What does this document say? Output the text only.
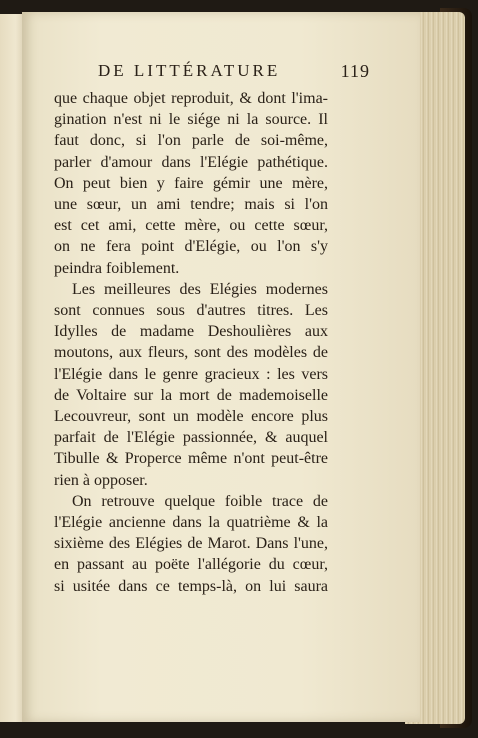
DE LITTÉRATURE	119

que chaque objet reproduit, & dont l'ima-
gination n'est ni le siége ni la source. Il
faut donc, si l'on parle de soi-même,
parler d'amour dans l'Elégie pathétique.
On peut bien y faire gémir une mère,
une sœur, un ami tendre; mais si l'on
est cet ami, cette mère, ou cette sœur,
on ne fera point d'Elégie, ou l'on s'y
peindra foiblement.

Les meilleures des Elégies modernes
sont connues sous d'autres titres. Les
Idylles de madame Deshoulières aux
moutons, aux fleurs, sont des modèles de
l'Elégie dans le genre gracieux : les vers
de Voltaire sur la mort de mademoiselle
Lecouvreur, sont un modèle encore plus
parfait de l'Elégie passionnée, & auquel
Tibulle & Properce même n'ont peut-être
rien à opposer.

On retrouve quelque foible trace de
l'Elégie ancienne dans la quatrième & la
sixième des Elégies de Marot. Dans l'une,
en passant au poëte l'allégorie du cœur,
si usitée dans ce temps-là, on lui saura
